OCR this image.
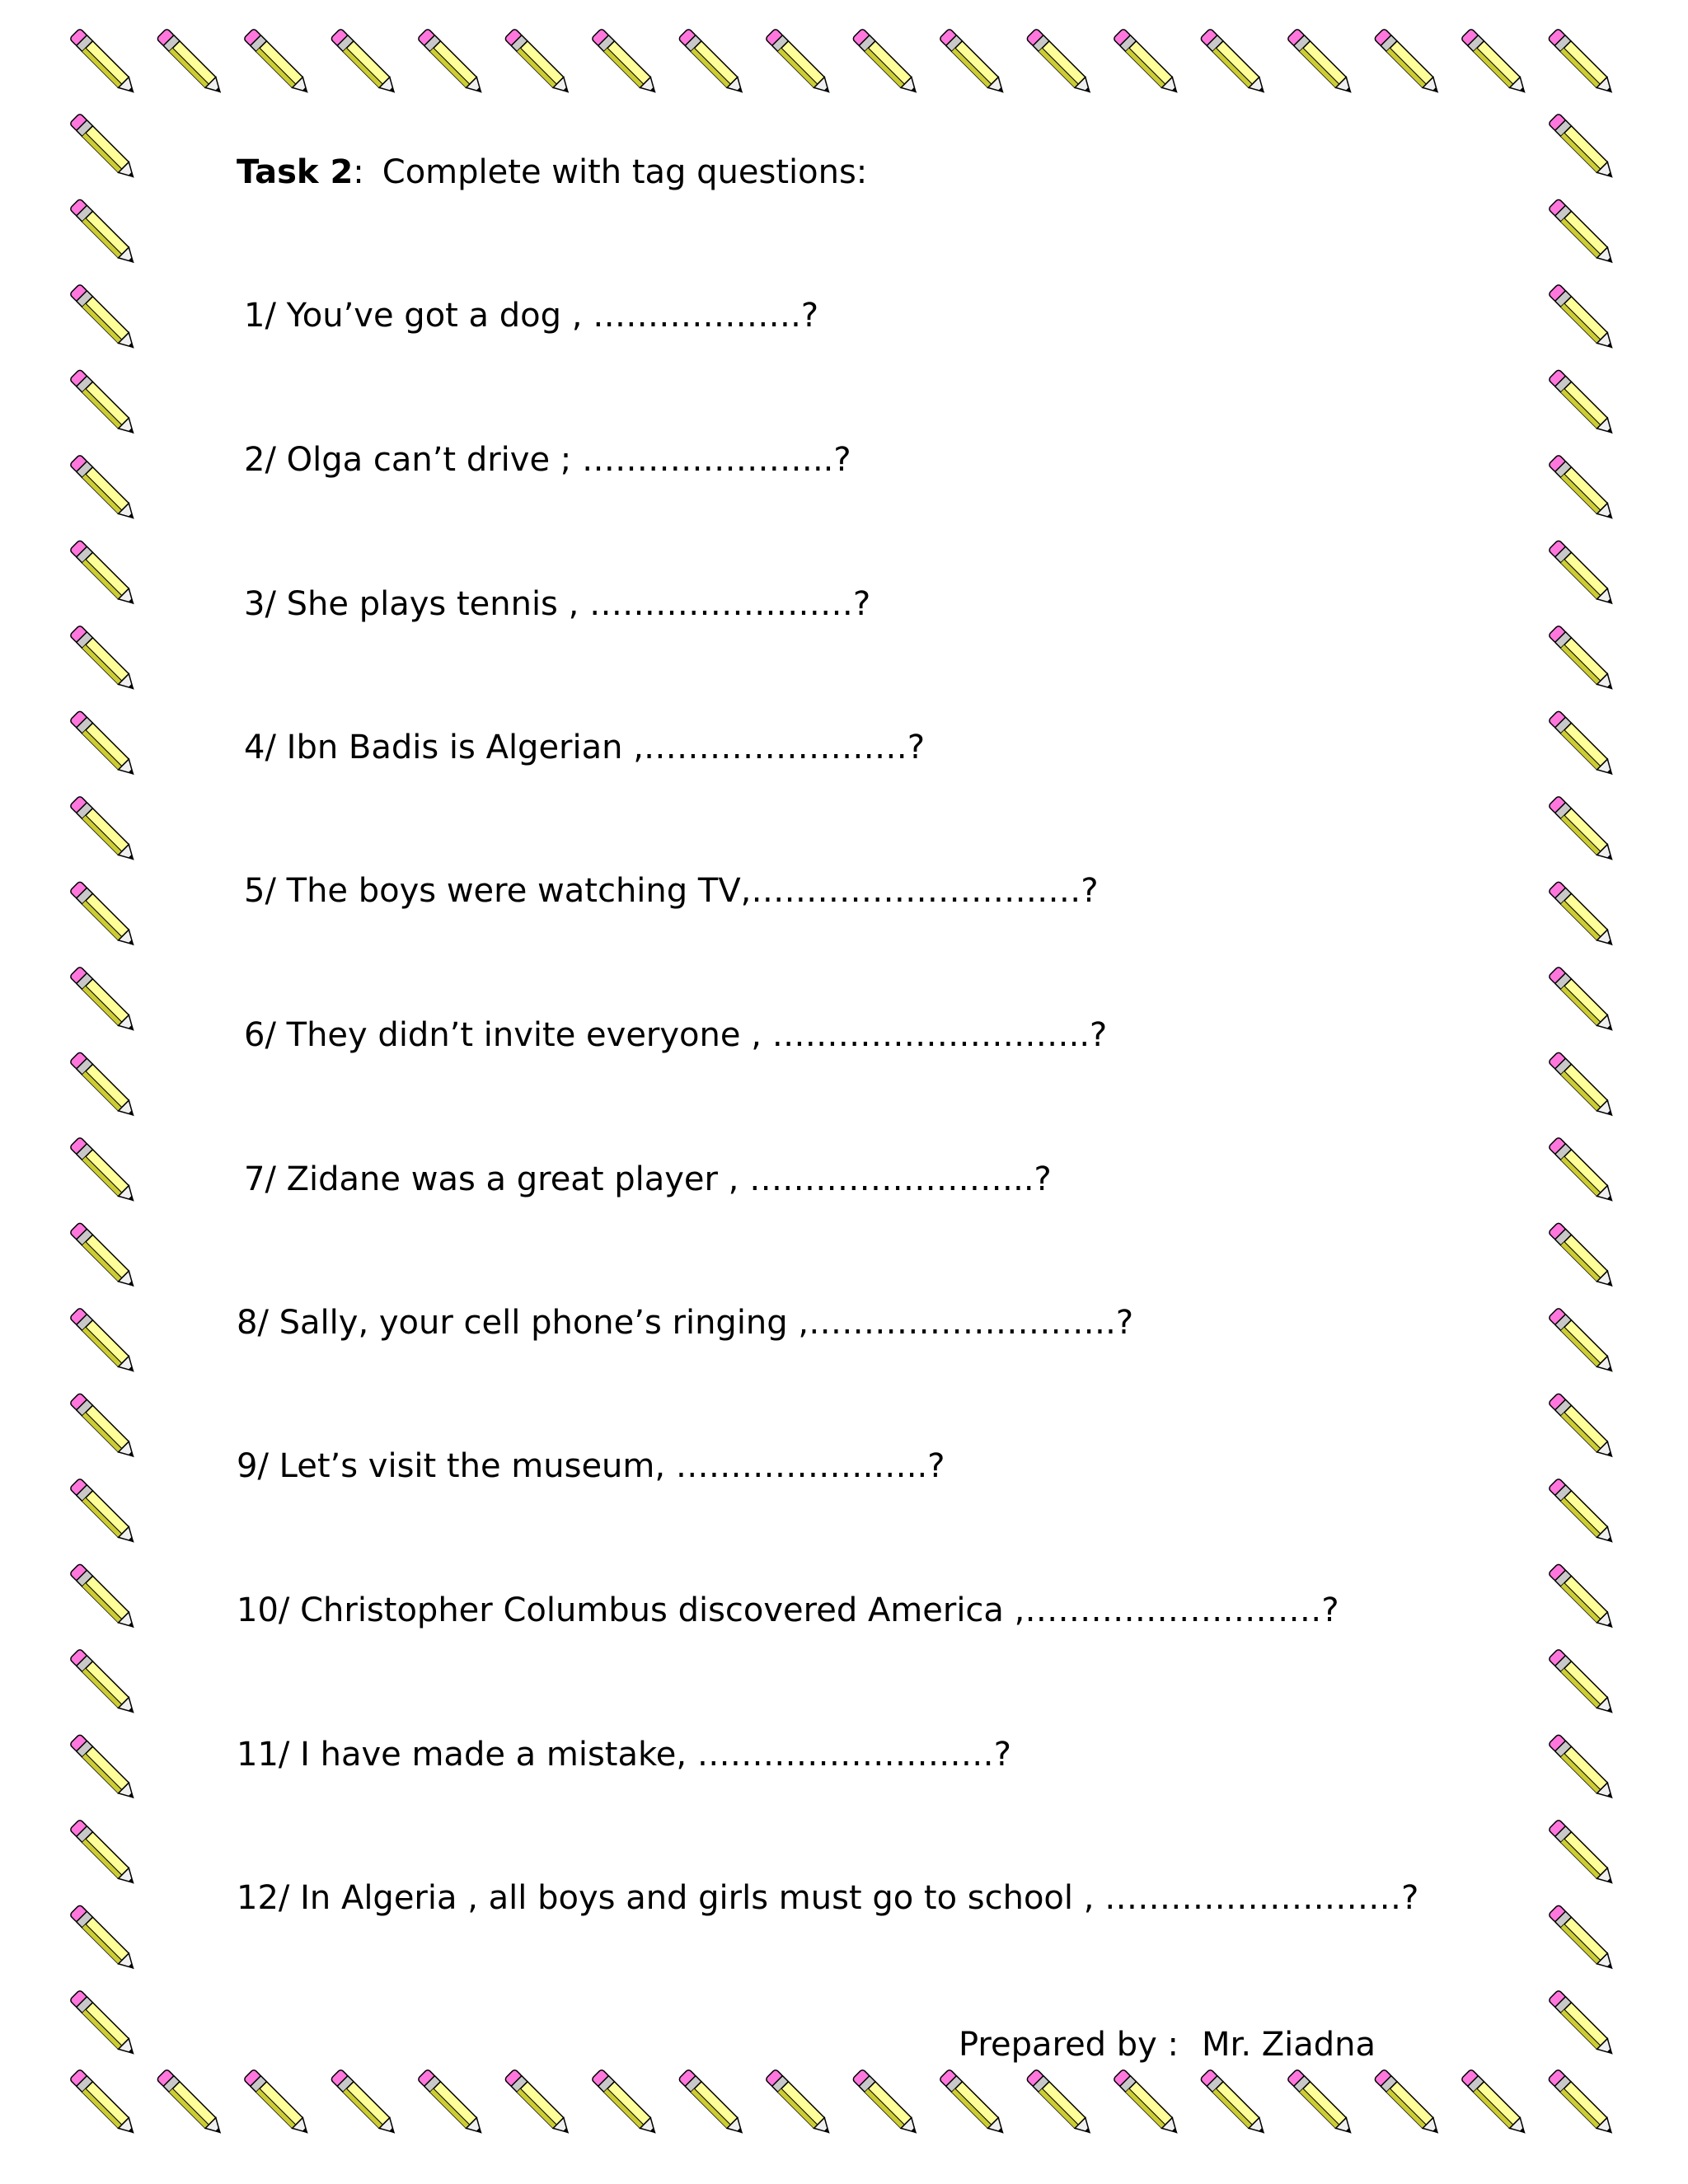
Task 2: Complete with tag questions:
1/ You’ve got a dog , ……………….?
2/ Olga can’t drive ; …………………..?
3/ She plays tennis , ……………………?
4/ Ibn Badis is Algerian ,……………………?
5/ The boys were watching TV,…………………………?
6/ They didn’t invite everyone , ………………………..?
7/ Zidane was a great player , ……………………..?
8/ Sally, your cell phone’s ringing ,……………………….?
9/ Let’s visit the museum, …………………..?
10/ Christopher Columbus discovered America ,………………………?
11/ I have made a mistake, ………………………?
12/ In Algeria , all boys and girls must go to school , ………………………?
Prepared by : Mr. Ziadna
